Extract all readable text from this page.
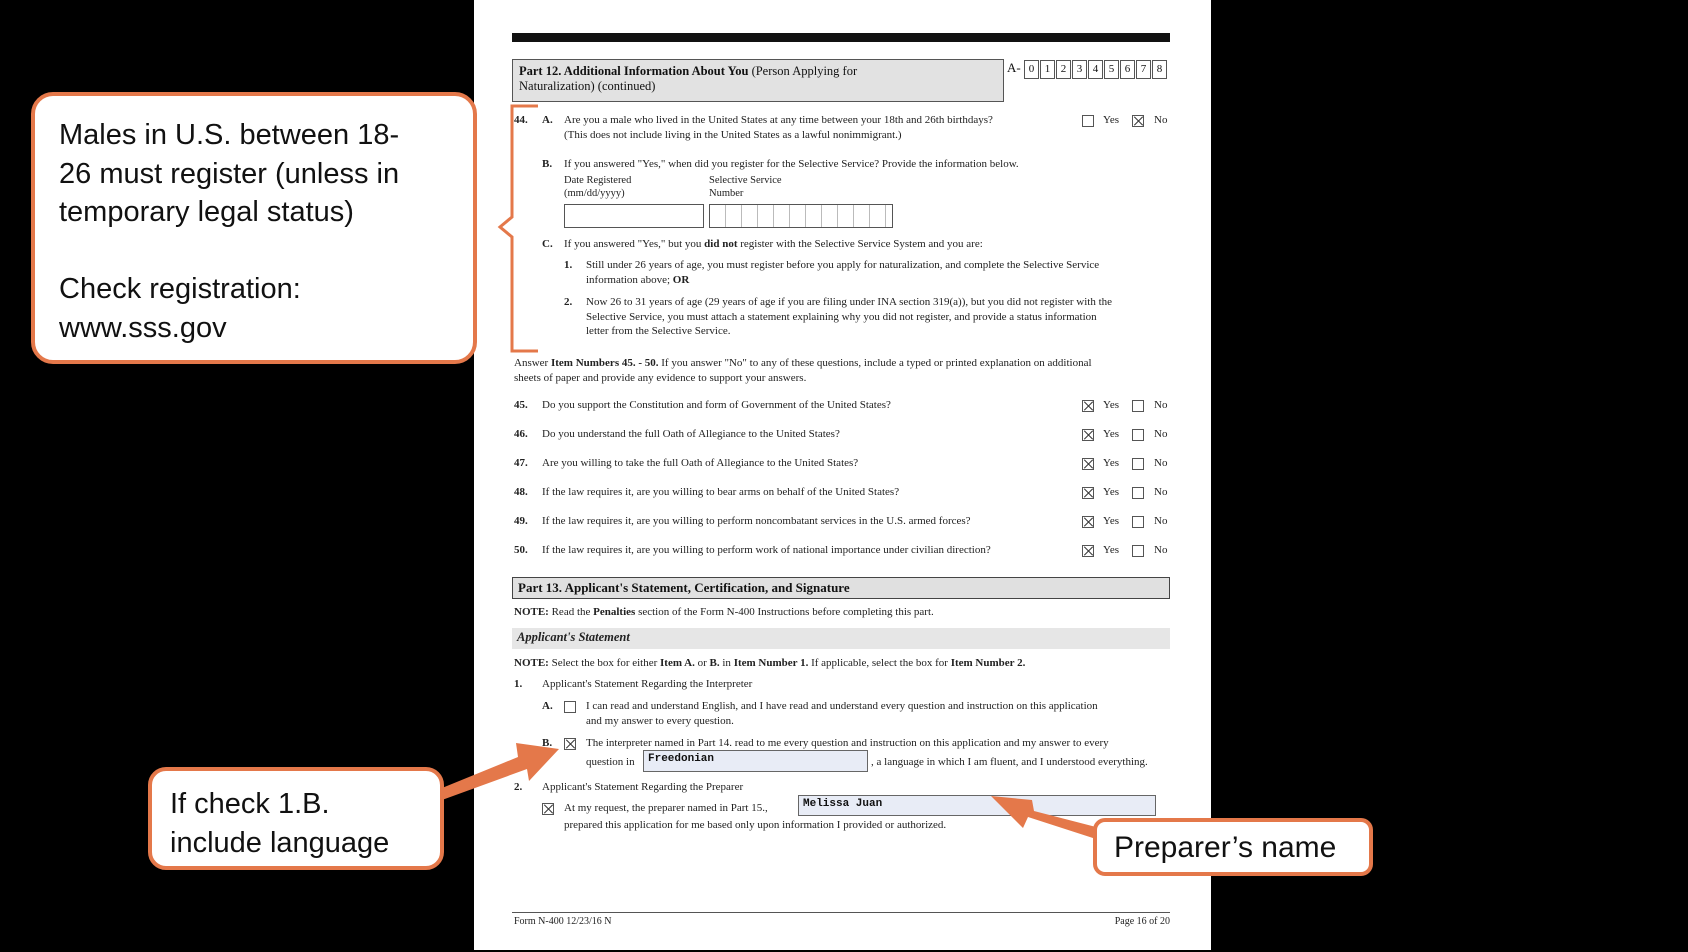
Part 12. Additional Information About You (Person Applying for
Naturalization) (continued)
A- 0 1 2 3 4 5 6 7 8
44. A. Are you a male who lived in the United States at any time between your 18th and 26th birthdays?
(This does not include living in the United States as a lawful nonimmigrant.)
Yes	No
B. If you answered "Yes," when did you register for the Selective Service? Provide the information below.
Date Registered
(mm/dd/yyyy)
Selective Service
Number
C. If you answered "Yes," but you did not register with the Selective Service System and you are:
1. Still under 26 years of age, you must register before you apply for naturalization, and complete the Selective Service
information above; OR
2. Now 26 to 31 years of age (29 years of age if you are filing under INA section 319(a)), but you did not register with the
Selective Service, you must attach a statement explaining why you did not register, and provide a status information
letter from the Selective Service.
Answer Item Numbers 45. - 50. If you answer "No" to any of these questions, include a typed or printed explanation on additional
sheets of paper and provide any evidence to support your answers.
45. Do you support the Constitution and form of Government of the United States?	Yes	No
46. Do you understand the full Oath of Allegiance to the United States?	Yes	No
47. Are you willing to take the full Oath of Allegiance to the United States?	Yes	No
48. If the law requires it, are you willing to bear arms on behalf of the United States?	Yes	No
49. If the law requires it, are you willing to perform noncombatant services in the U.S. armed forces?	Yes	No
50. If the law requires it, are you willing to perform work of national importance under civilian direction?	Yes	No
Part 13. Applicant's Statement, Certification, and Signature
NOTE: Read the Penalties section of the Form N-400 Instructions before completing this part.
Applicant's Statement
NOTE: Select the box for either Item A. or B. in Item Number 1. If applicable, select the box for Item Number 2.
1. Applicant's Statement Regarding the Interpreter
A.	I can read and understand English, and I have read and understand every question and instruction on this application
and my answer to every question.
B.	The interpreter named in Part 14. read to me every question and instruction on this application and my answer to every
question in	Freedonian	, a language in which I am fluent, and I understood everything.
2. Applicant's Statement Regarding the Preparer
At my request, the preparer named in Part 15.,	Melissa Juan
prepared this application for me based only upon information I provided or authorized.
Form N-400 12/23/16 N	Page 16 of 20
Males in U.S. between 18-
26 must register (unless in
temporary legal status)

Check registration:
www.sss.gov
If check 1.B.
include language	Preparer’s name
